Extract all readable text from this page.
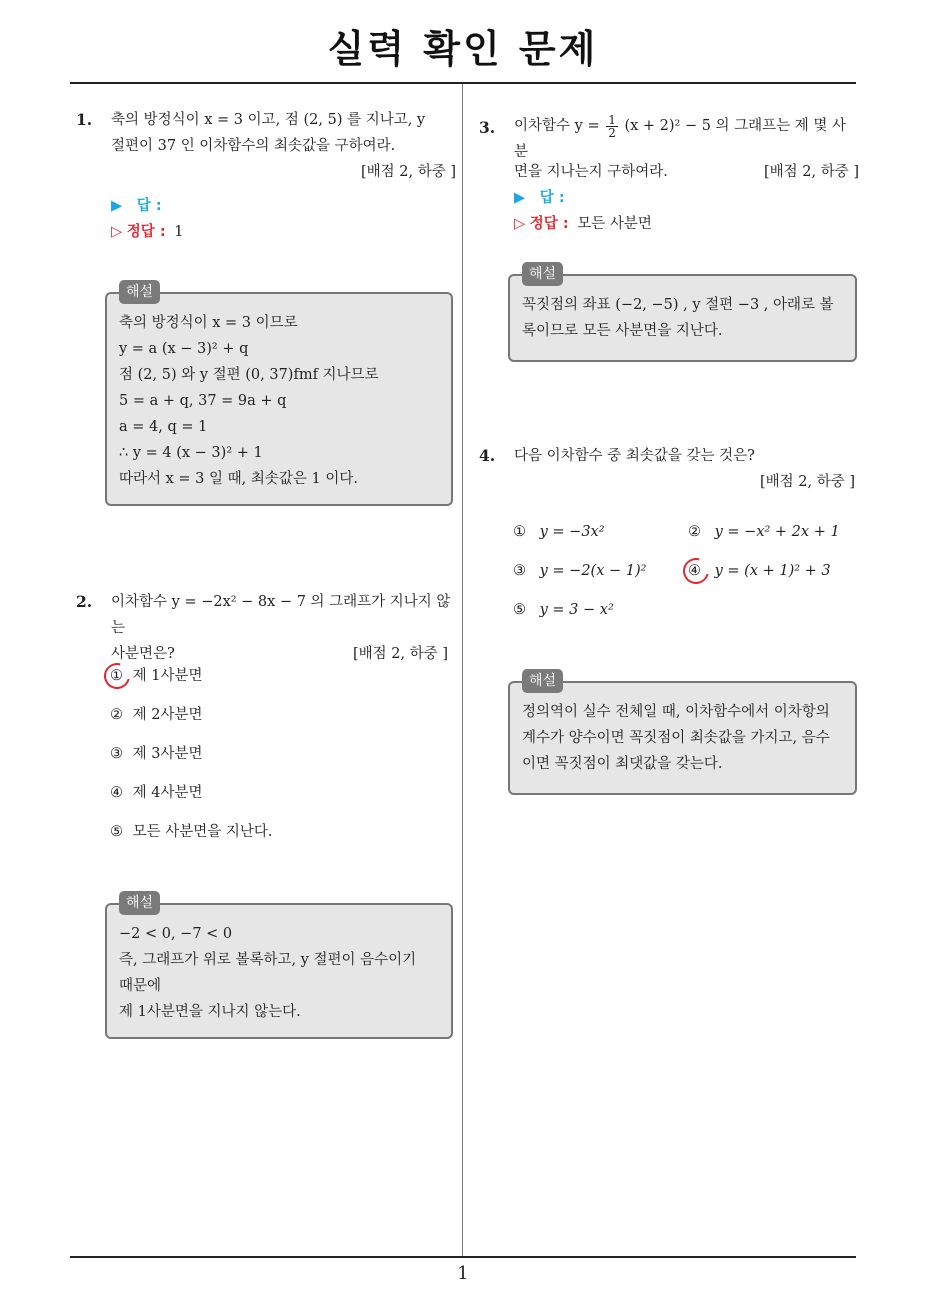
실력 확인 문제
1. 축의 방정식이 x = 3 이고, 점 (2, 5) 를 지나고, y
절편이 37 인 이차함수의 최솟값을 구하여라.
[배점 2, 하중 ]
▶ 답 :
▷ 정답 : 1
해설
축의 방정식이 x = 3 이므로
y = a (x − 3)² + q
점 (2, 5) 와 y 절편 (0, 37)fmf 지나므로
5 = a + q, 37 = 9a + q
a = 4, q = 1
∴ y = 4 (x − 3)² + 1
따라서 x = 3 일 때, 최솟값은 1 이다.
2. 이차함수 y = −2x² − 8x − 7 의 그래프가 지나지 않는
사분면은?	[배점 2, 하중 ]
① 제 1사분면
② 제 2사분면
③ 제 3사분면
④ 제 4사분면
⑤ 모든 사분면을 지난다.
해설
−2 < 0, −7 < 0
즉, 그래프가 위로 볼록하고, y 절편이 음수이기
때문에
제 1사분면을 지나지 않는다.
3. 이차함수 $y = \frac{1}{2} (x + 2)^2 - 5$ 의 그래프는 제 몇 사분
면을 지나는지 구하여라.	[배점 2, 하중 ]
▶ 답 :
▷ 정답 : 모든 사분면
해설
꼭짓점의 좌표 (−2, −5) , y 절편 −3 , 아래로 볼
록이므로 모든 사분면을 지난다.
4. 다음 이차함수 중 최솟값을 갖는 것은?
[배점 2, 하중 ]
① y = −3x²	② y = −x² + 2x + 1
③ y = −2(x − 1)²	④ y = (x + 1)² + 3
⑤ y = 3 − x²
해설
정의역이 실수 전체일 때, 이차함수에서 이차항의
계수가 양수이면 꼭짓점이 최솟값을 가지고, 음수
이면 꼭짓점이 최댓값을 갖는다.
1
